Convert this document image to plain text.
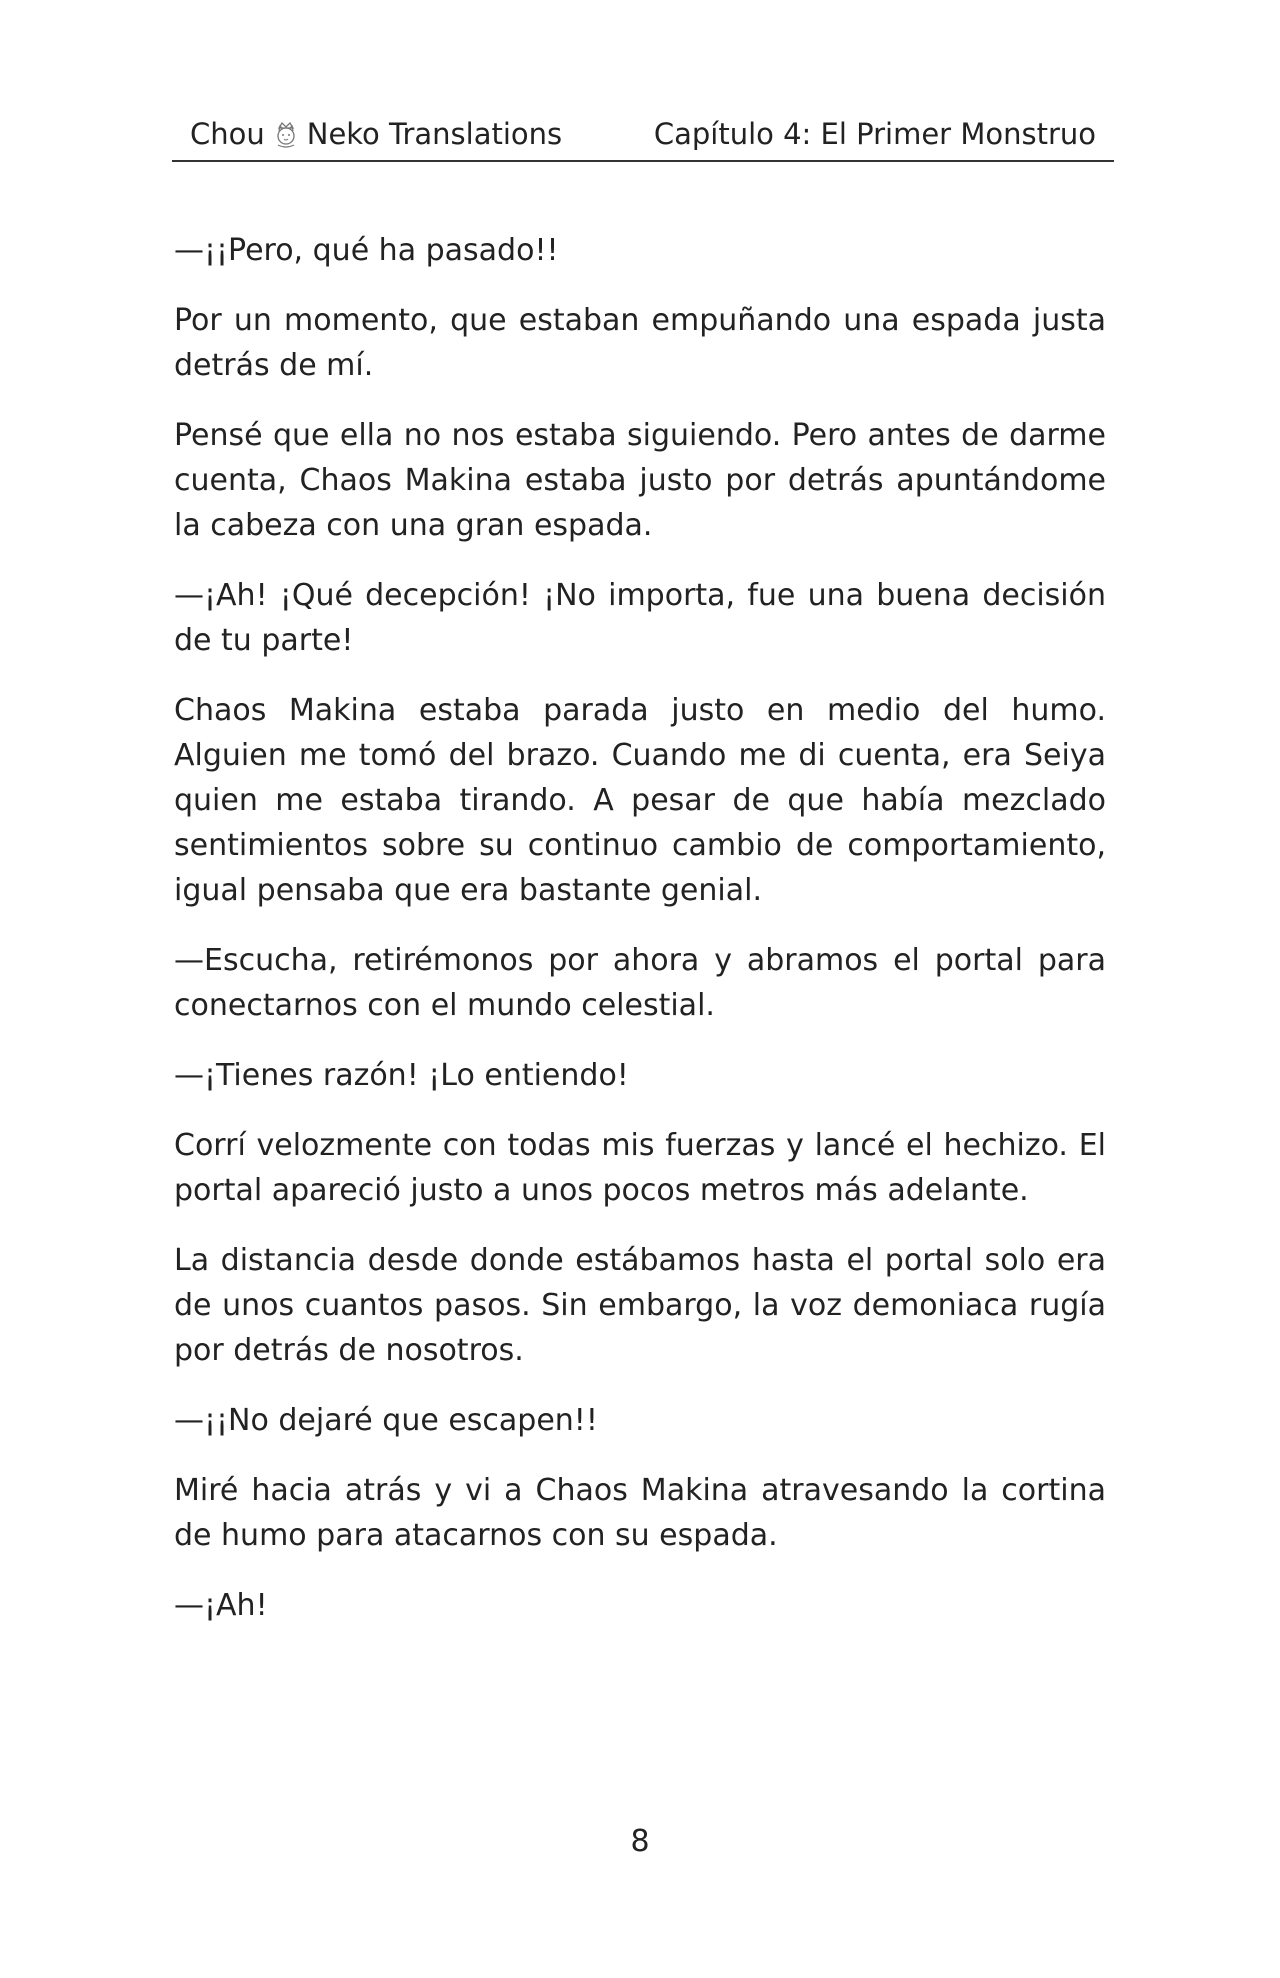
Chou Neko Translations	Capítulo 4: El Primer Monstruo

—¡¡Pero, qué ha pasado!!

Por un momento, que estaban empuñando una espada justa detrás de mí.

Pensé que ella no nos estaba siguiendo. Pero antes de darme cuenta, Chaos Makina estaba justo por detrás apuntándome la cabeza con una gran espada.

—¡Ah! ¡Qué decepción! ¡No importa, fue una buena decisión de tu parte!

Chaos Makina estaba parada justo en medio del humo. Alguien me tomó del brazo. Cuando me di cuenta, era Seiya quien me estaba tirando. A pesar de que había mezclado sentimientos sobre su continuo cambio de comportamiento, igual pensaba que era bastante genial.

—Escucha, retirémonos por ahora y abramos el portal para conectarnos con el mundo celestial.

—¡Tienes razón! ¡Lo entiendo!

Corrí velozmente con todas mis fuerzas y lancé el hechizo. El portal apareció justo a unos pocos metros más adelante.

La distancia desde donde estábamos hasta el portal solo era de unos cuantos pasos. Sin embargo, la voz demoniaca rugía por detrás de nosotros.

—¡¡No dejaré que escapen!!

Miré hacia atrás y vi a Chaos Makina atravesando la cortina de humo para atacarnos con su espada.

—¡Ah!

8
